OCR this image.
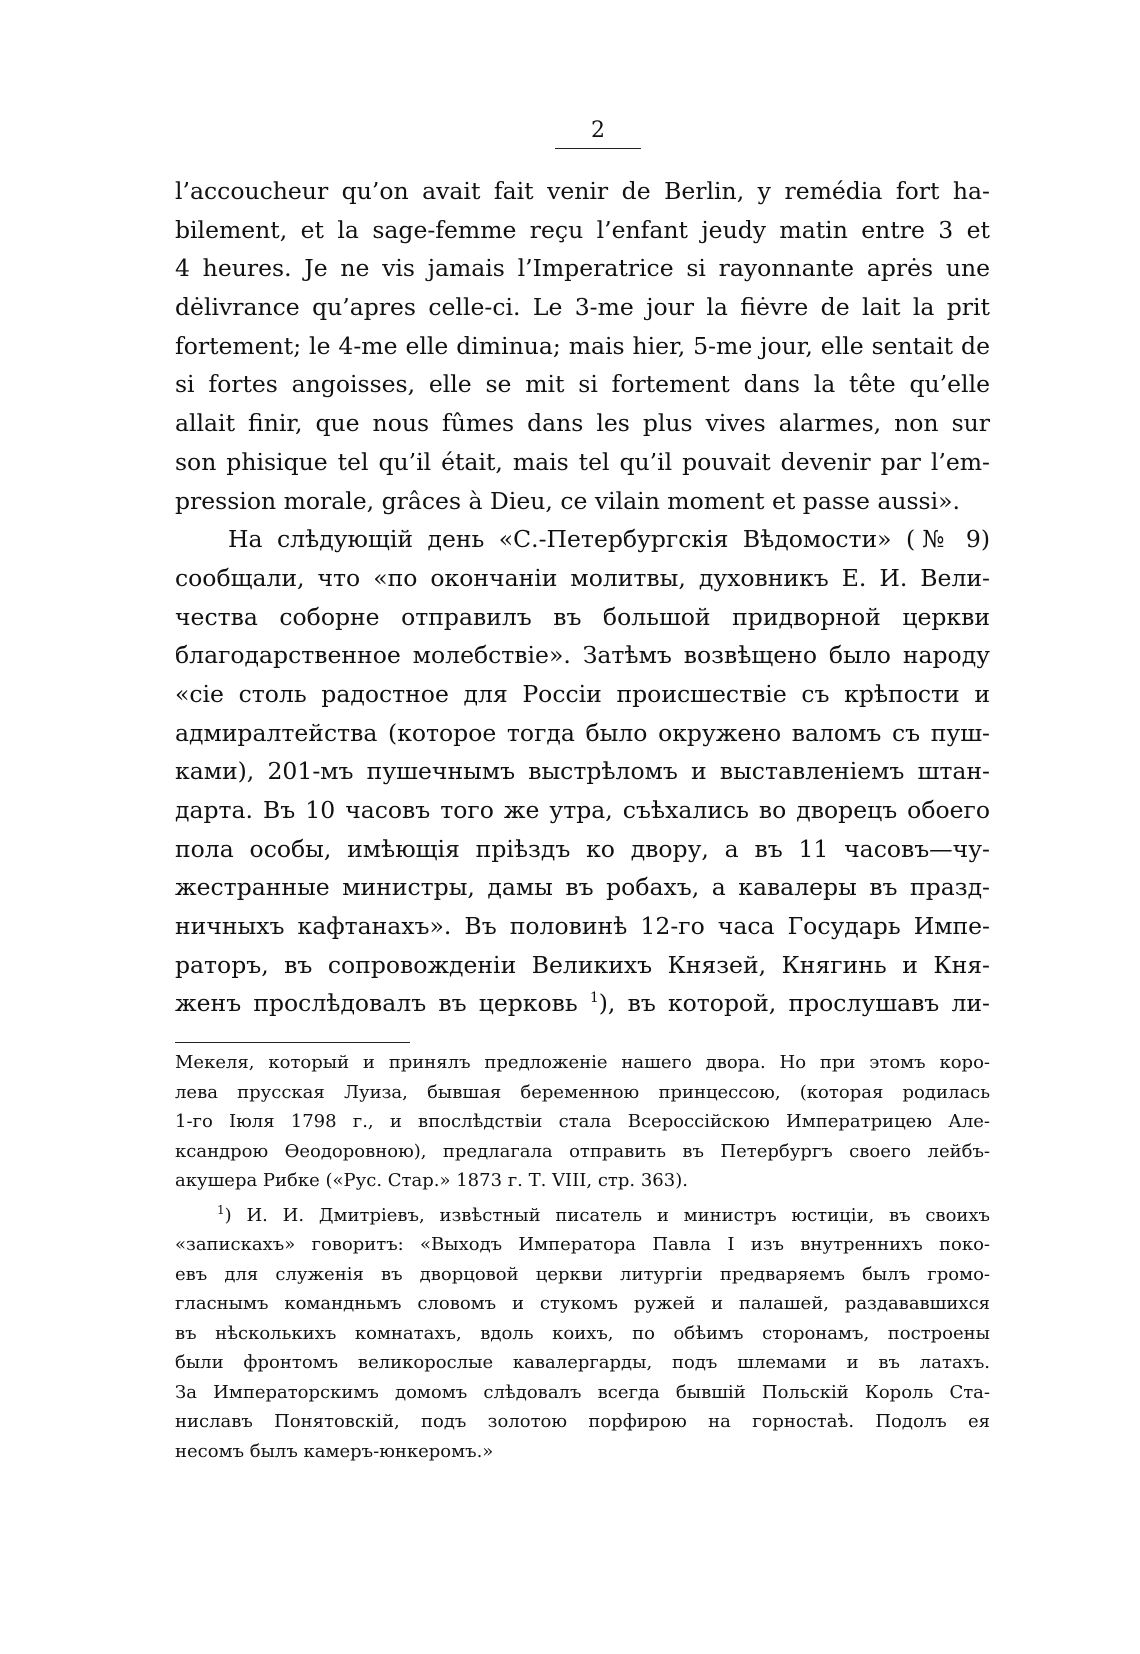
2
l’accoucheur qu’on avait fait venir de Berlin, y remédia fort ha-
bilement, et la sage-femme reçu l’enfant jeudy matin entre 3 et
4 heures. Je ne vis jamais l’Imperatrice si rayonnante aprės une
dėlivrance qu’apres celle-ci. Le 3-me jour la fiėvre de lait la prit
fortement; le 4-me elle diminua; mais hier, 5-me jour, elle sentait de
si fortes angoisses, elle se mit si fortement dans la tête qu’elle
allait finir, que nous fûmes dans les plus vives alarmes, non sur
son phisique tel qu’il était, mais tel qu’il pouvait devenir par l’em-
pression morale, grâces à Dieu, ce vilain moment et passe aussi».
На слѣдующій день «С.-Петербургскія Вѣдомости» (№ 9)
сообщали, что «по окончаніи молитвы, духовникъ Е. И. Вели-
чества соборне отправилъ въ большой придворной церкви
благодарственное молебствіе». Затѣмъ возвѣщено было народу
«сіе столь радостное для Россіи происшествіе съ крѣпости и
адмиралтейства (которое тогда было окружено валомъ съ пуш-
ками), 201-мъ пушечнымъ выстрѣломъ и выставленіемъ штан-
дарта. Въ 10 часовъ того же утра, съѣхались во дворецъ обоего
пола особы, имѣющія пріѣздъ ко двору, а въ 11 часовъ—чу-
жестранные министры, дамы въ робахъ, а кавалеры въ празд-
ничныхъ кафтанахъ». Въ половинѣ 12-го часа Государь Импе-
раторъ, въ сопровожденіи Великихъ Князей, Княгинь и Кня-
женъ прослѣдовалъ въ церковь $^1$), въ которой, прослушавъ ли-
Мекеля, который и принялъ предложеніе нашего двора. Но при этомъ коро-
лева прусская Луиза, бывшая беременною принцессою, (которая родилась
1-го Іюля 1798 г., и впослѣдствіи стала Всероссійскою Императрицею Але-
ксандрою Ѳеодоровною), предлагала отправить въ Петербургъ своего лейбъ-
акушера Рибке («Рус. Стар.» 1873 г. Т. VIII, стр. 363).
$^1$) И. И. Дмитріевъ, извѣстный писатель и министръ юстиціи, въ своихъ
«запискахъ» говоритъ: «Выходъ Императора Павла I изъ внутреннихъ поко-
евъ для служенія въ дворцовой церкви литургіи предваряемъ былъ громо-
гласнымъ командньмъ словомъ и стукомъ ружей и палашей, раздававшихся
въ нѣсколькихъ комнатахъ, вдоль коихъ, по обѣимъ сторонамъ, построены
были фронтомъ великорослые кавалергарды, подъ шлемами и въ латахъ.
За Императорскимъ домомъ слѣдовалъ всегда бывшій Польскій Король Ста-
ниславъ Понятовскій, подъ золотою порфирою на горностаѣ. Подолъ ея
несомъ былъ камеръ-юнкеромъ.»
